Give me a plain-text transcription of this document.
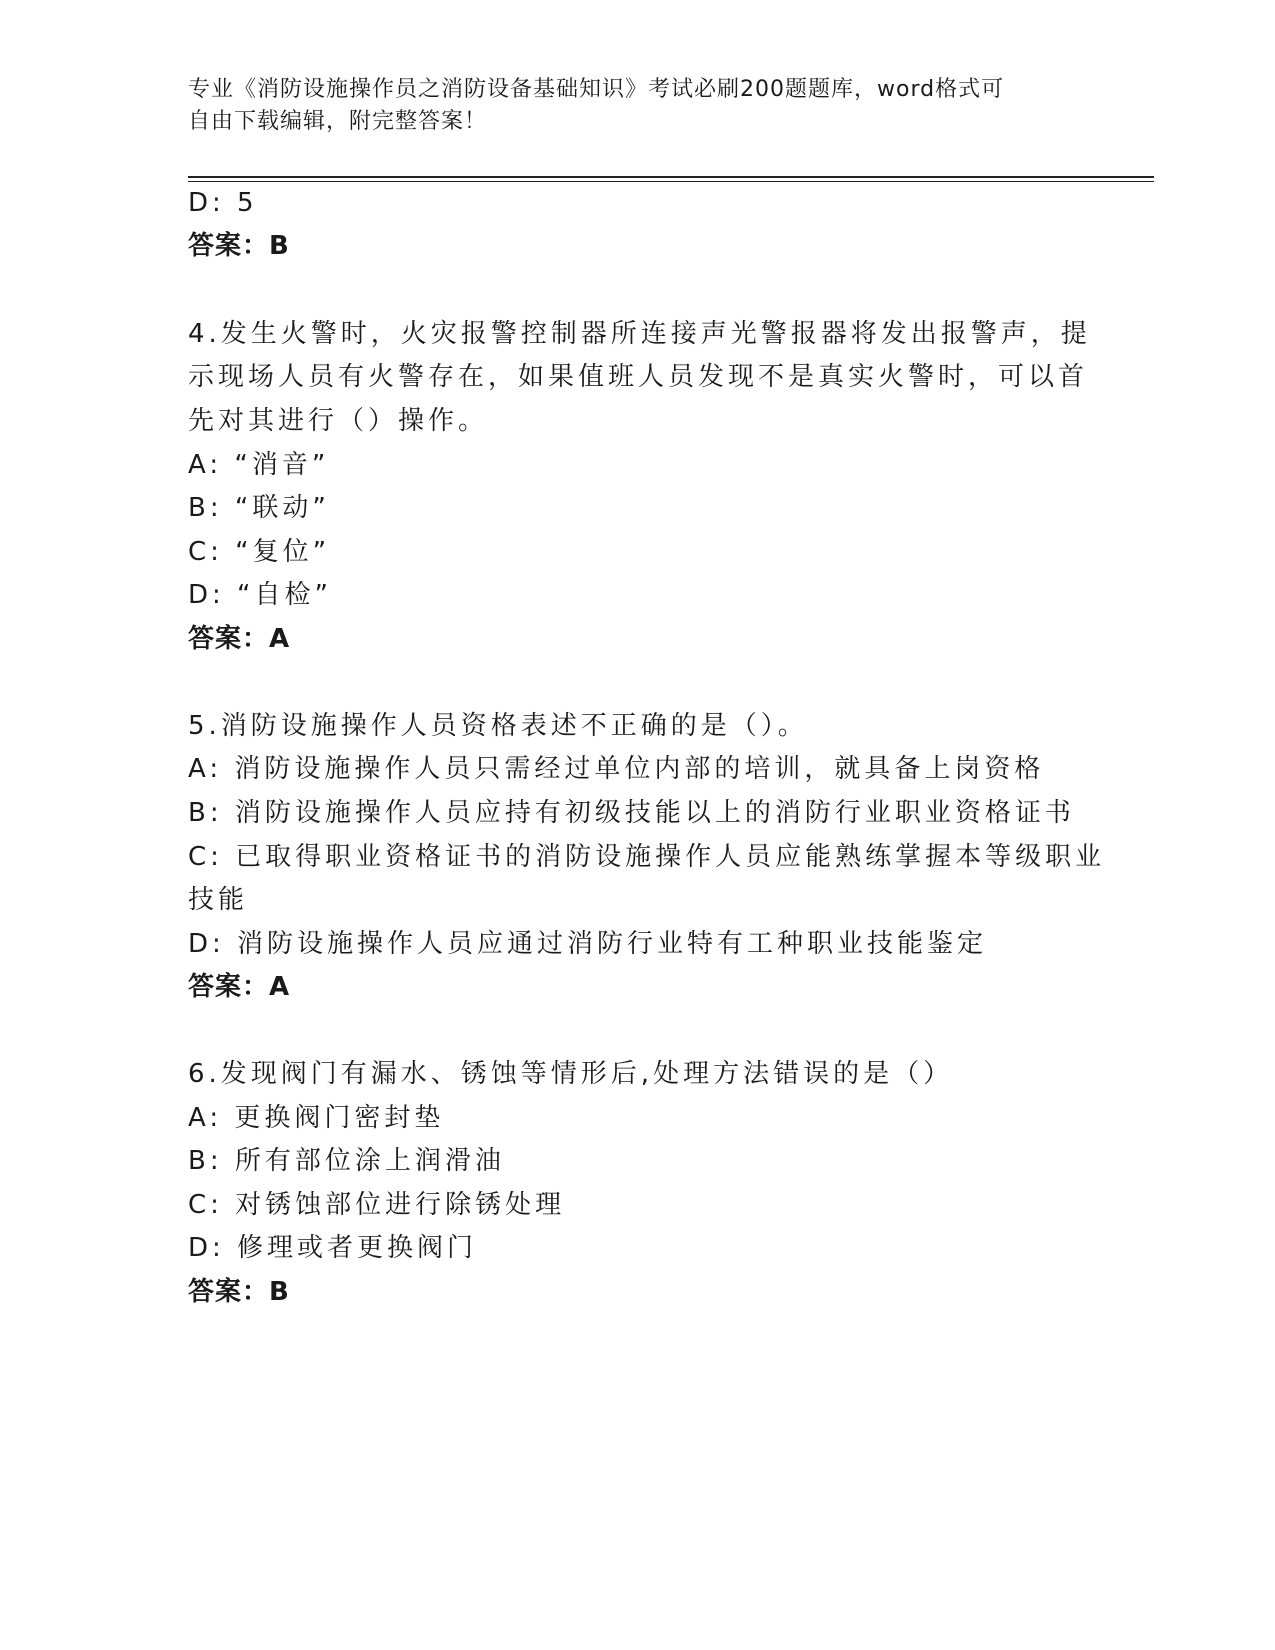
专业《消防设施操作员之消防设备基础知识》考试必刷200题题库，word格式可
自由下载编辑，附完整答案！
D: 5
答案：B
4.发生火警时，火灾报警控制器所连接声光警报器将发出报警声，提
示现场人员有火警存在，如果值班人员发现不是真实火警时，可以首
先对其进行（）操作。
A: “消音”
B: “联动”
C: “复位”
D: “自检”
答案：A
5.消防设施操作人员资格表述不正确的是（）。
A: 消防设施操作人员只需经过单位内部的培训，就具备上岗资格
B: 消防设施操作人员应持有初级技能以上的消防行业职业资格证书
C: 已取得职业资格证书的消防设施操作人员应能熟练掌握本等级职业
技能
D: 消防设施操作人员应通过消防行业特有工种职业技能鉴定
答案：A
6.发现阀门有漏水、锈蚀等情形后,处理方法错误的是（）
A: 更换阀门密封垫
B: 所有部位涂上润滑油
C: 对锈蚀部位进行除锈处理
D: 修理或者更换阀门
答案：B
